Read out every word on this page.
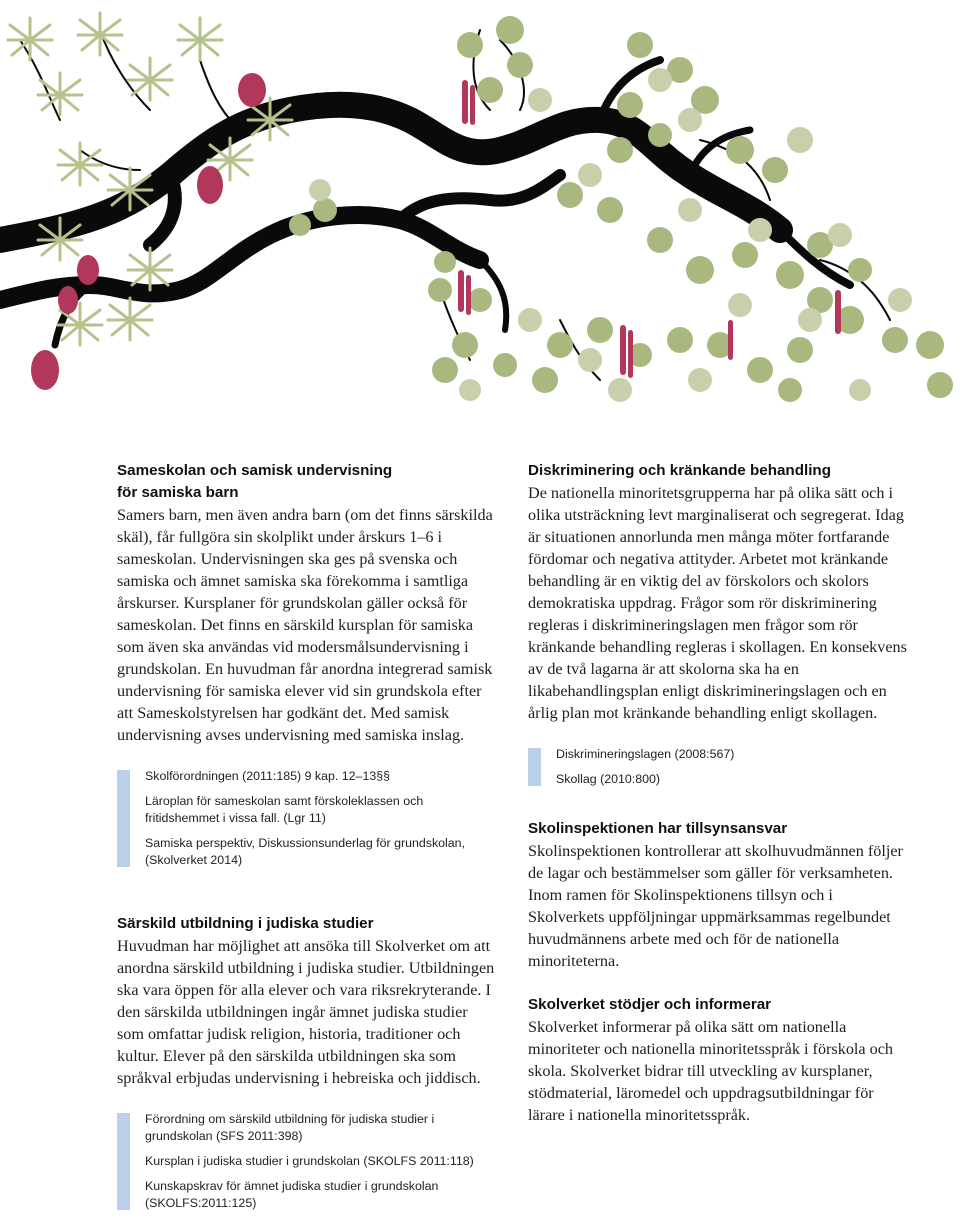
Sameskolan och samisk undervisning
för samiska barn

Samers barn, men även andra barn (om det finns särskilda skäl), får fullgöra sin skolplikt under årskurs 1–6 i sameskolan. Undervisningen ska ges på svenska och samiska och ämnet samiska ska förekomma i samtliga årskurser. Kursplaner för grundskolan gäller också för sameskolan. Det finns en särskild kursplan för samiska som även ska användas vid modersmålsundervisning i grundskolan. En huvudman får anordna integrerad samisk undervisning för samiska elever vid sin grundskola efter att Sameskolstyrelsen har godkänt det. Med samisk undervisning avses undervisning med samiska inslag.

Skolförordningen (2011:185) 9 kap. 12–13§§

Läroplan för sameskolan samt förskoleklassen och fritidshemmet i vissa fall. (Lgr 11)

Samiska perspektiv, Diskussionsunderlag för grundskolan, (Skolverket 2014)

Särskild utbildning i judiska studier

Huvudman har möjlighet att ansöka till Skolverket om att anordna särskild utbildning i judiska studier. Utbildningen ska vara öppen för alla elever och vara riksrekryterande. I den särskilda utbildningen ingår ämnet judiska studier som omfattar judisk religion, historia, traditioner och kultur. Elever på den särskilda utbildningen ska som språkval erbjudas undervisning i hebreiska och jiddisch.

Förordning om särskild utbildning för judiska studier i grundskolan (SFS 2011:398)

Kursplan i judiska studier i grundskolan (SKOLFS 2011:118)

Kunskapskrav för ämnet judiska studier i grundskolan (SKOLFS:2011:125)

Diskriminering och kränkande behandling

De nationella minoritetsgrupperna har på olika sätt och i olika utsträckning levt marginaliserat och segregerat. Idag är situationen annorlunda men många möter fortfarande fördomar och negativa attityder. Arbetet mot kränkande behandling är en viktig del av förskolors och skolors demokratiska uppdrag. Frågor som rör diskriminering regleras i diskrimineringslagen men frågor som rör kränkande behandling regleras i skollagen. En konsekvens av de två lagarna är att skolorna ska ha en likabehandlingsplan enligt diskrimineringslagen och en årlig plan mot kränkande behandling enligt skollagen.

Diskrimineringslagen (2008:567)

Skollag (2010:800)

Skolinspektionen har tillsynsansvar

Skolinspektionen kontrollerar att skolhuvudmännen följer de lagar och bestämmelser som gäller för verksamheten. Inom ramen för Skolinspektionens tillsyn och i Skolverkets uppföljningar uppmärksammas regelbundet huvudmännens arbete med och för de nationella minoriteterna.

Skolverket stödjer och informerar

Skolverket informerar på olika sätt om nationella minoriteter och nationella minoritetsspråk i förskola och skola. Skolverket bidrar till utveckling av kursplaner, stödmaterial, läromedel och uppdragsutbildningar för lärare i nationella minoritetsspråk.
